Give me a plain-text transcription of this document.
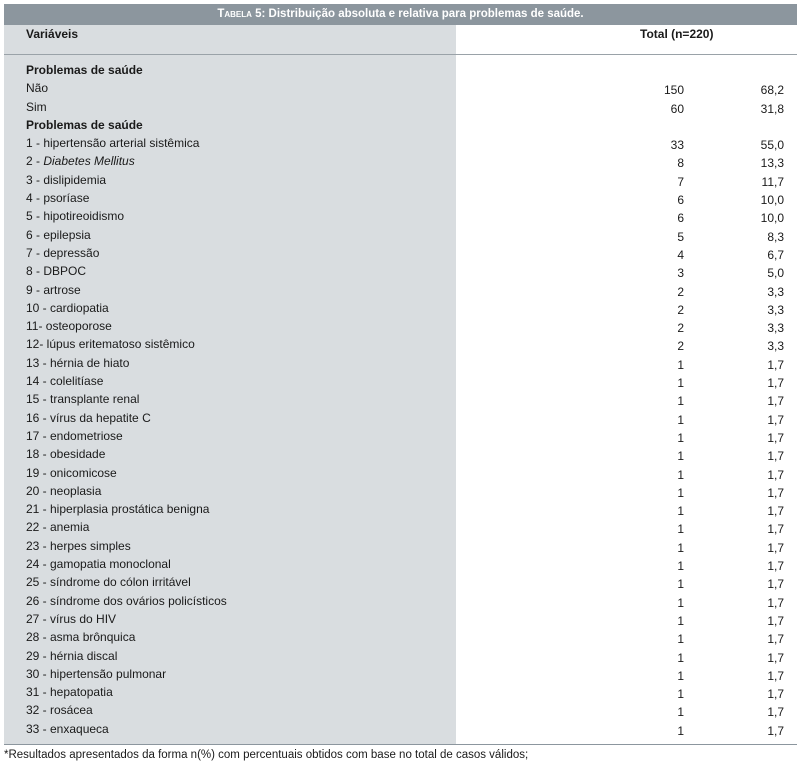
Tabela 5: Distribuição absoluta e relativa para problemas de saúde.
Variáveis	Total (n=220)
Problemas de saúde
Não	150	68,2
Sim	60	31,8
Problemas de saúde
1 - hipertensão arterial sistêmica	33	55,0
2 - Diabetes Mellitus	8	13,3
3 - dislipidemia	7	11,7
4 - psoríase	6	10,0
5 - hipotireoidismo	6	10,0
6 - epilepsia	5	8,3
7 - depressão	4	6,7
8 - DBPOC	3	5,0
9 - artrose	2	3,3
10 - cardiopatia	2	3,3
11- osteoporose	2	3,3
12- lúpus eritematoso sistêmico	2	3,3
13 - hérnia de hiato	1	1,7
14 - colelitíase	1	1,7
15 - transplante renal	1	1,7
16 - vírus da hepatite C	1	1,7
17 - endometriose	1	1,7
18 - obesidade	1	1,7
19 - onicomicose	1	1,7
20 - neoplasia	1	1,7
21 - hiperplasia prostática benigna	1	1,7
22 - anemia	1	1,7
23 - herpes simples	1	1,7
24 - gamopatia monoclonal	1	1,7
25 - síndrome do cólon irritável	1	1,7
26 - síndrome dos ovários policísticos	1	1,7
27 - vírus do HIV	1	1,7
28 - asma brônquica	1	1,7
29 - hérnia discal	1	1,7
30 - hipertensão pulmonar	1	1,7
31 - hepatopatia	1	1,7
32 - rosácea	1	1,7
33 - enxaqueca	1	1,7
*Resultados apresentados da forma n(%) com percentuais obtidos com base no total de casos válidos;
